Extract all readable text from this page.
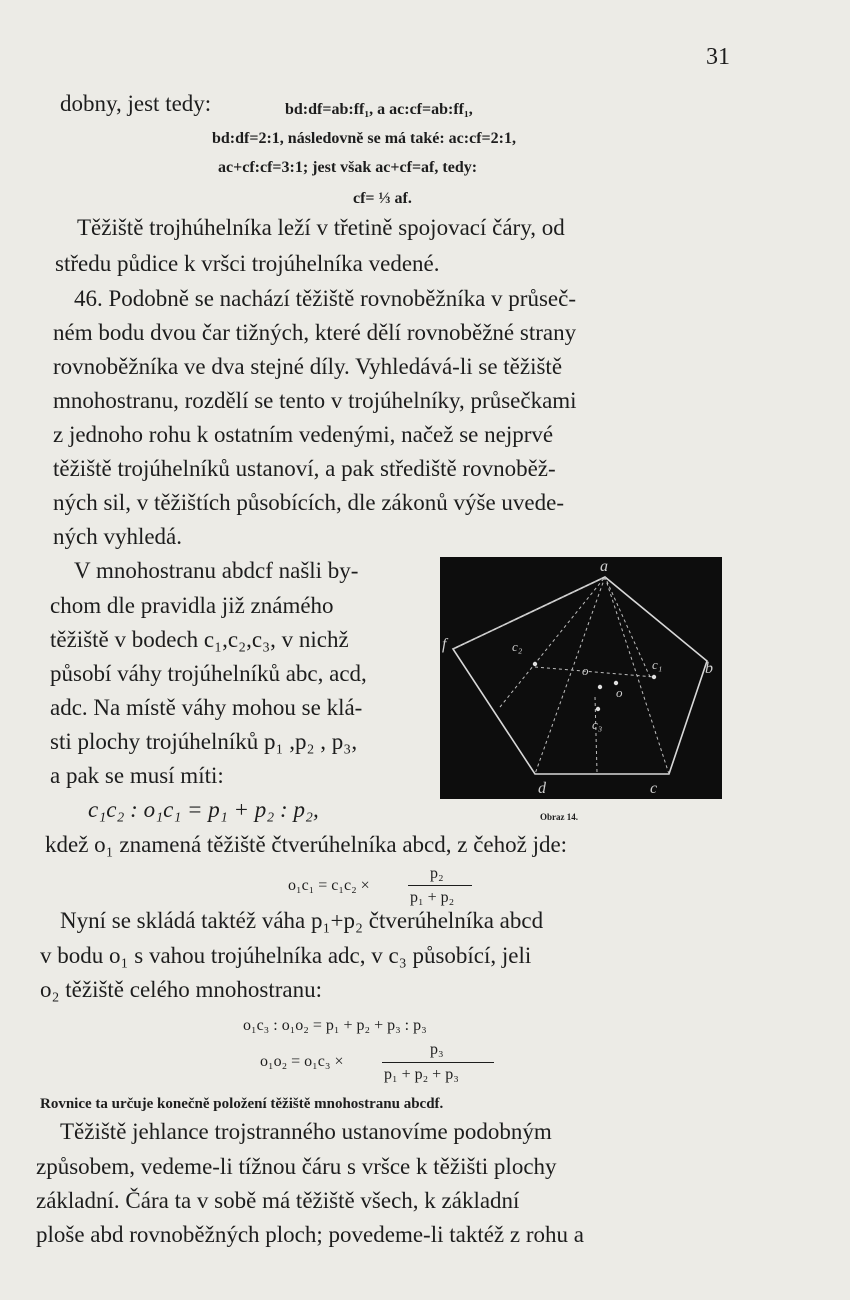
31
dobny, jest tedy:	bd:df=ab:ff₁, a ac:cf=ab:ff₁,
bd:df=2:1, následovně se má také: ac:cf=2:1,
ac+cf:cf=3:1; jest však ac+cf=af, tedy:
cf= ⅓ af.
Těžiště trojhúhelníka leží v třetině spojovací čáry, od
středu půdice k vršci trojúhelníka vedené.
46. Podobně se nachází těžiště rovnoběžníka v průseč-
ném bodu dvou čar tižných, které dělí rovnoběžné strany
rovnoběžníka ve dva stejné díly. Vyhledává-li se těžiště
mnohostranu, rozdělí se tento v trojúhelníky, průsečkami
z jednoho rohu k ostatním vedenými, načež se nejprvé
těžiště trojúhelníků ustanoví, a pak střediště rovnoběž-
ných sil, v těžištích působících, dle zákonů výše uvede-
ných vyhledá.
V mnohostranu abdcf našli by-
chom dle pravidla již známého
těžiště v bodech c₁,c₂,c₃, v nichž
působí váhy trojúhelníků abc, acd,
adc. Na místě váhy mohou se klá-
sti plochy trojúhelníků p₁ ,p₂ , p₃,
a pak se musí míti:
c₁c₂ : o₁c₁ = p₁ + p₂ : p₂,
a
b
c
d
f
c₁
c₂
c₃
o
o
Obraz 14.
kdež o₁ znamená těžiště čtverúhelníka abcd, z čehož jde:
o₁c₁ = c₁c₂ ×
p₂
p₁ + p₂
Nyní se skládá taktéž váha p₁+p₂ čtverúhelníka abcd
v bodu o₁ s vahou trojúhelníka adc, v c₃ působící, jeli
o₂ těžiště celého mnohostranu:
o₁c₃ : o₁o₂ = p₁ + p₂ + p₃ : p₃
o₁o₂ = o₁c₃ ×
p₃
p₁ + p₂ + p₃
Rovnice ta určuje konečně položení těžiště mnohostranu abcdf.
Těžiště jehlance trojstranného ustanovíme podobným
způsobem, vedeme-li tížnou čáru s vršce k těžišti plochy
základní. Čára ta v sobě má těžiště všech, k základní
ploše abd rovnoběžných ploch; povedeme-li taktéž z rohu a
